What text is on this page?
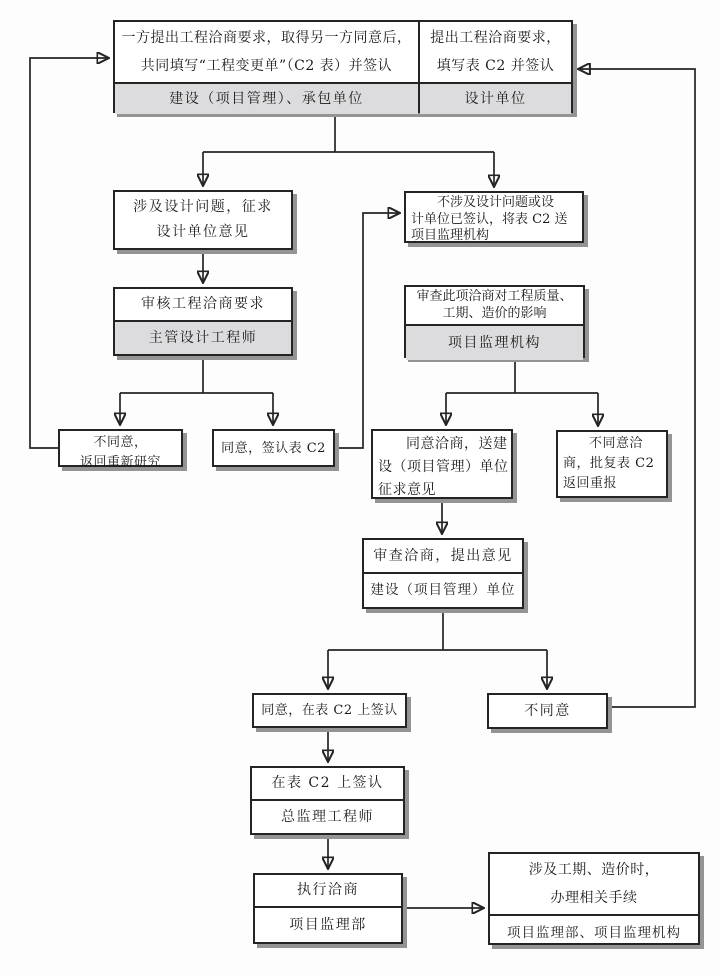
一方提出工程洽商要求，取得另一方同意后，
共同填写“工程变更单”（C2 表）并签认
建设（项目管理）、承包单位
提出工程洽商要求，
填写表 C2 并签认
设计单位
涉及设计问题，征求
设计单位意见
不涉及设计问题或设
计单位已签认，将表 C2 送
项目监理机构
审核工程洽商要求
主管设计工程师
审查此项洽商对工程质量、
工期、造价的影响
项目监理机构
不同意，
返回重新研究
同意，签认表 C2	同意洽商，送建
设（项目管理）单位
征求意见
不同意洽
商，批复表 C2
返回重报
审查洽商，提出意见
建设（项目管理）单位
同意，在表 C2 上签认	不同意
在表 C2 上签认
总监理工程师
执行洽商
项目监理部
涉及工期、造价时，
办理相关手续
项目监理部、项目监理机构
